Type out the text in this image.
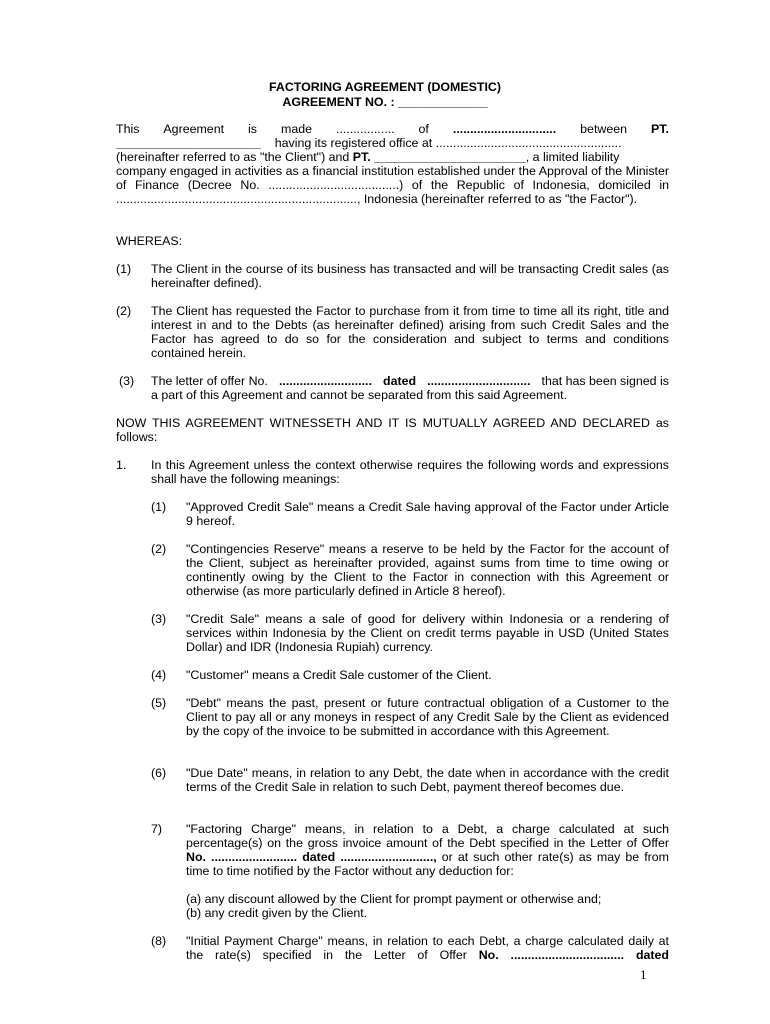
FACTORING AGREEMENT (DOMESTIC)
AGREEMENT NO. : _____________
This Agreement is made ................. of .............................. between PT.
_____________________ having its registered office at ......................................................
(hereinafter referred to as "the Client") and PT. ______________________, a limited liability
company engaged in activities as a financial institution established under the Approval of the Minister of Finance (Decree No. ......................................) of the Republic of Indonesia, domiciled in ......................................................................, Indonesia (hereinafter referred to as "the Factor").
WHEREAS:
(1) The Client in the course of its business has transacted and will be transacting Credit sales (as hereinafter defined).
(2) The Client has requested the Factor to purchase from it from time to time all its right, title and interest in and to the Debts (as hereinafter defined) arising from such Credit Sales and the Factor has agreed to do so for the consideration and subject to terms and conditions contained herein.
(3) The letter of offer No. ........................... dated .............................. that has been signed is
a part of this Agreement and cannot be separated from this said Agreement.
NOW THIS AGREEMENT WITNESSETH AND IT IS MUTUALLY AGREED AND DECLARED as follows:
1. In this Agreement unless the context otherwise requires the following words and expressions shall have the following meanings:
(1) "Approved Credit Sale" means a Credit Sale having approval of the Factor under Article 9 hereof.
(2) "Contingencies Reserve" means a reserve to be held by the Factor for the account of the Client, subject as hereinafter provided, against sums from time to time owing or continently owing by the Client to the Factor in connection with this Agreement or otherwise (as more particularly defined in Article 8 hereof).
(3) "Credit Sale" means a sale of good for delivery within Indonesia or a rendering of services within Indonesia by the Client on credit terms payable in USD (United States Dollar) and IDR (Indonesia Rupiah) currency.
(4) "Customer" means a Credit Sale customer of the Client.
(5) "Debt" means the past, present or future contractual obligation of a Customer to the Client to pay all or any moneys in respect of any Credit Sale by the Client as evidenced by the copy of the invoice to be submitted in accordance with this Agreement.
(6) "Due Date" means, in relation to any Debt, the date when in accordance with the credit terms of the Credit Sale in relation to such Debt, payment thereof becomes due.
7) "Factoring Charge" means, in relation to a Debt, a charge calculated at such percentage(s) on the gross invoice amount of the Debt specified in the Letter of Offer No. ......................... dated ..........................., or at such other rate(s) as may be from time to time notified by the Factor without any deduction for:
(a) any discount allowed by the Client for prompt payment or otherwise and;
(b) any credit given by the Client.
(8) "Initial Payment Charge" means, in relation to each Debt, a charge calculated daily at the rate(s) specified in the Letter of Offer No. ................................. dated
1
